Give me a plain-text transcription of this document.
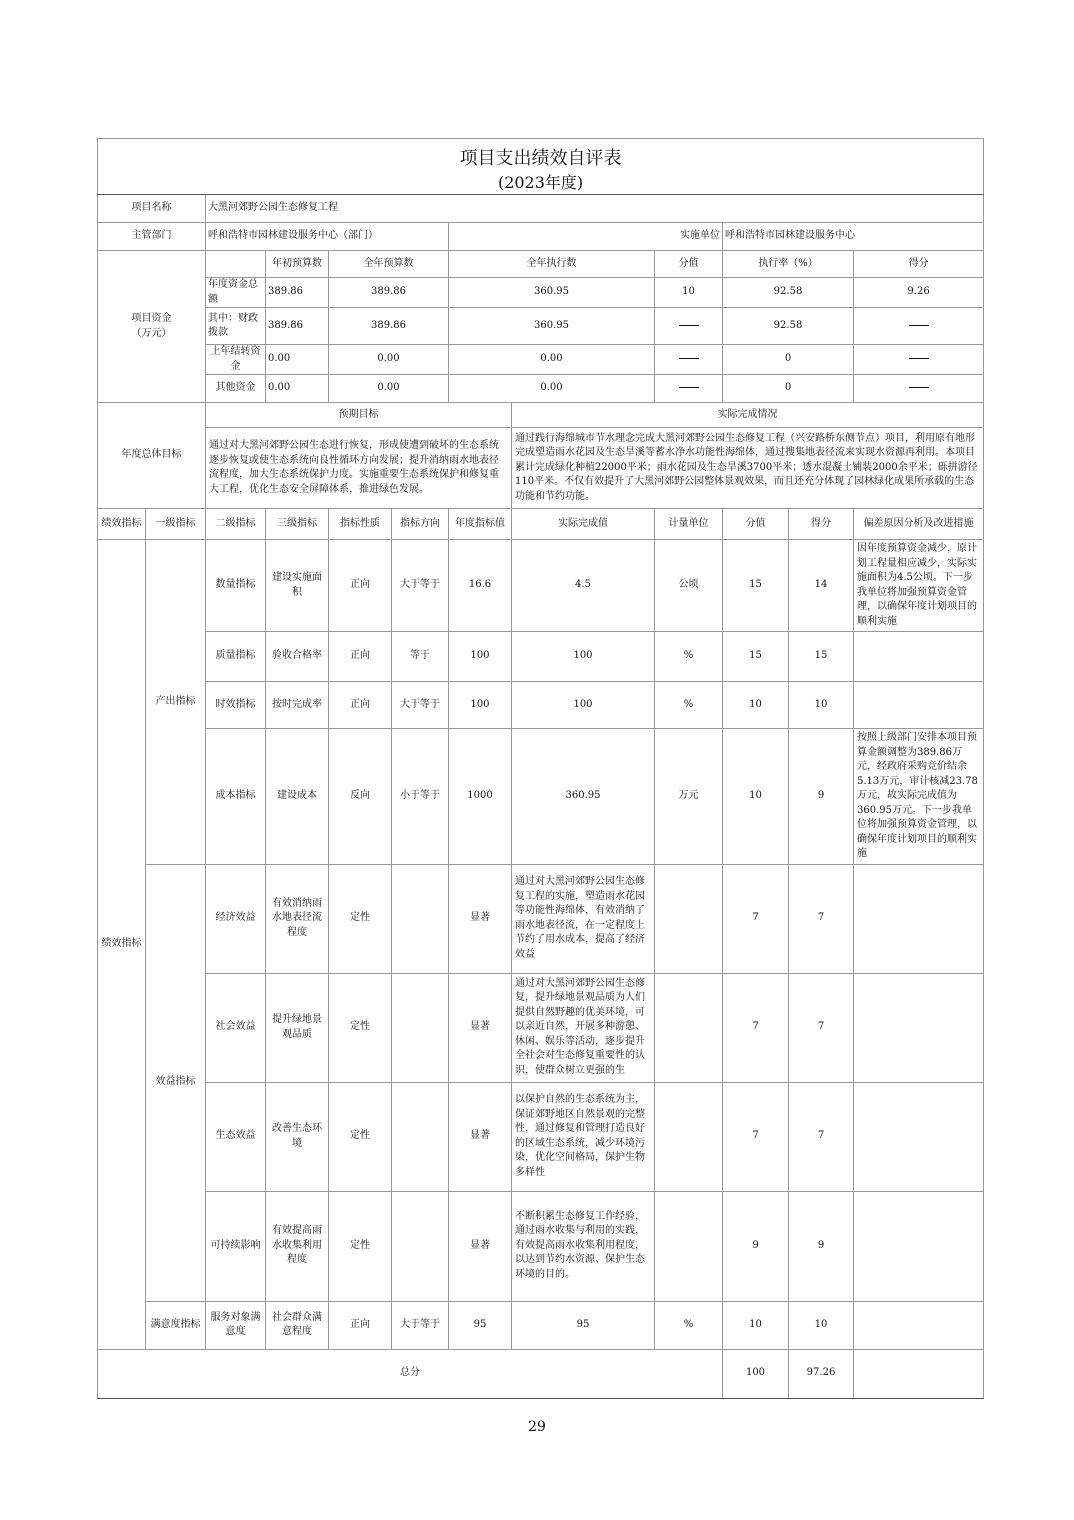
项目支出绩效自评表
(2023年度)											

项目名称		大黑河郊野公园生态修复工程									
主管部门		呼和浩特市园林建设服务中心（部门）				实施单位			呼和浩特市园林建设服务中心		
项目资金
（万元）			年初预算数	全年预算数		全年执行数		分值	执行率（%）		得分
		年度资金总额	389.86	389.86		360.95		10	92.58		9.26
		其中：财政拨款	389.86	389.86		360.95			92.58		
		上年结转资金	0.00	0.00		0.00			0		
		其他资金	0.00	0.00		0.00			0		
年度总体目标		预期目标					实际完成情况				
		通过对大黑河郊野公园生态进行恢复，形成使遭到破坏的生态系统逐步恢复或使生态系统向良性循环方向发展；提升消纳雨水地表径流程度，加大生态系统保护力度。实施重要生态系统保护和修复重大工程，优化生态安全屏障体系，推进绿色发展。					通过践行海绵城市节水理念完成大黑河郊野公园生态修复工程（兴安路桥东侧节点）项目，利用原有地形完成塑造雨水花园及生态旱溪等蓄水净水功能性海绵体，通过搜集地表径流来实现水资源再利用。本项目累计完成绿化种植22000平米；雨水花园及生态旱溪3700平米；透水混凝土铺装2000余平米；砾拼游径110平米。不仅有效提升了大黑河郊野公园整体景观效果，而且还充分体现了园林绿化成果所承载的生态功能和节约功能。				
绩效指标	一级指标	二级指标	三级指标	指标性质	指标方向	年度指标值	实际完成值	计量单位	分值	得分	偏差原因分析及改进措施
绩效指标	产出指标	数量指标	建设实施面积	正向	大于等于	16.6	4.5	公顷	15	14	因年度预算资金减少，原计划工程量相应减少，实际实施面积为4.5公顷。下一步我单位将加强预算资金管理，以确保年度计划项目的顺利实施
		质量指标	验收合格率	正向	等于	100	100	%	15	15	
		时效指标	按时完成率	正向	大于等于	100	100	%	10	10	
		成本指标	建设成本	反向	小于等于	1000	360.95	万元	10	9	按照上级部门安排本项目预算金额调整为389.86万元，经政府采购竞价结余5.13万元，审计核减23.78万元，故实际完成值为360.95万元。下一步我单位将加强预算资金管理，以确保年度计划项目的顺利实施
	效益指标	经济效益	有效消纳雨水地表径流程度	定性		显著	通过对大黑河郊野公园生态修复工程的实施，塑造雨水花园等功能性海绵体，有效消纳了雨水地表径流，在一定程度上节约了用水成本，提高了经济效益		7	7	
		社会效益	提升绿地景观品质	定性		显著	通过对大黑河郊野公园生态修复，提升绿地景观品质为人们提供自然野趣的优美环境，可以亲近自然，开展多种游憩、休闲、娱乐等活动，逐步提升全社会对生态修复重要性的认识，使群众树立更强的生		7	7	
		生态效益	改善生态环境	定性		显著	以保护自然的生态系统为主，保证郊野地区自然景观的完整性，通过修复和管理打造良好的区域生态系统，减少环境污染，优化空间格局，保护生物多样性		7	7	
		可持续影响	有效提高雨水收集利用程度	定性		显著	不断积累生态修复工作经验，通过雨水收集与利用的实践，有效提高雨水收集利用程度，以达到节约水资源、保护生态环境的目的。		9	9	
	满意度指标	服务对象满意度	社会群众满意程度	正向	大于等于	95	95	%	10	10	
总分									100	97.26	
29
